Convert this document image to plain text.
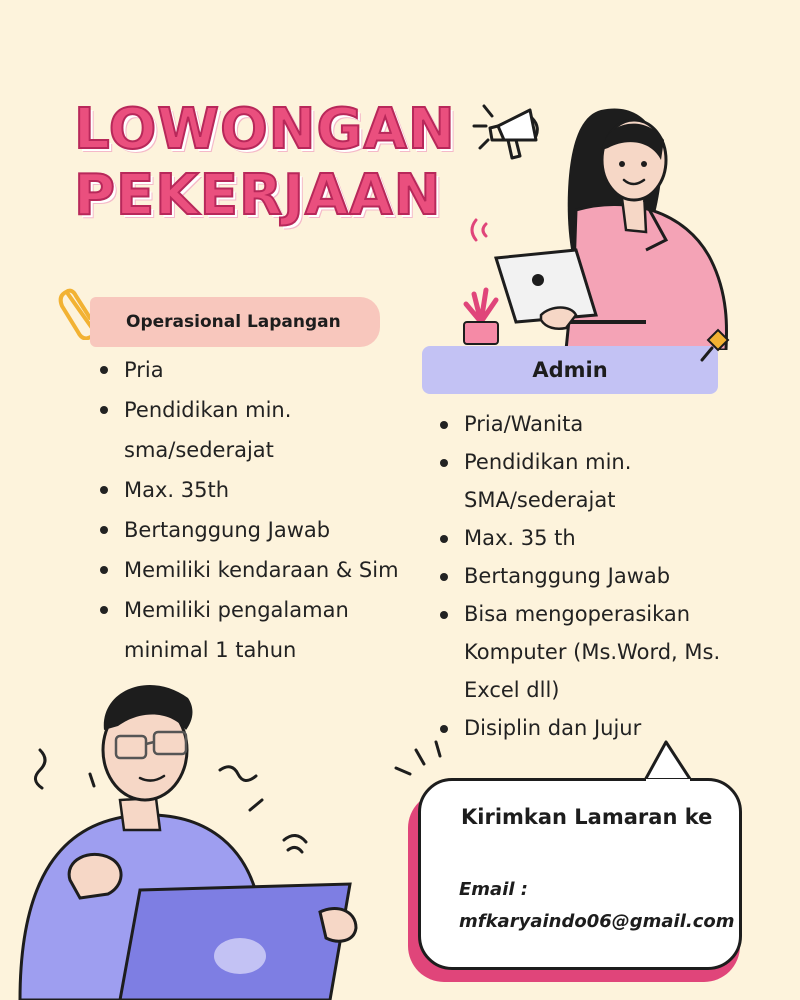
LOWONGAN
PEKERJAAN
Operasional Lapangan
Admin
Pria
Pendidikan min. sma/sederajat
Max. 35th
Bertanggung Jawab
Memiliki kendaraan & Sim
Memiliki pengalaman minimal 1 tahun
Pria/Wanita
Pendidikan min. SMA/sederajat
Max. 35 th
Bertanggung Jawab
Bisa mengoperasikan Komputer (Ms.Word, Ms. Excel dll)
Disiplin dan Jujur
Kirimkan Lamaran ke
Email :
mfkaryaindo06@gmail.com
